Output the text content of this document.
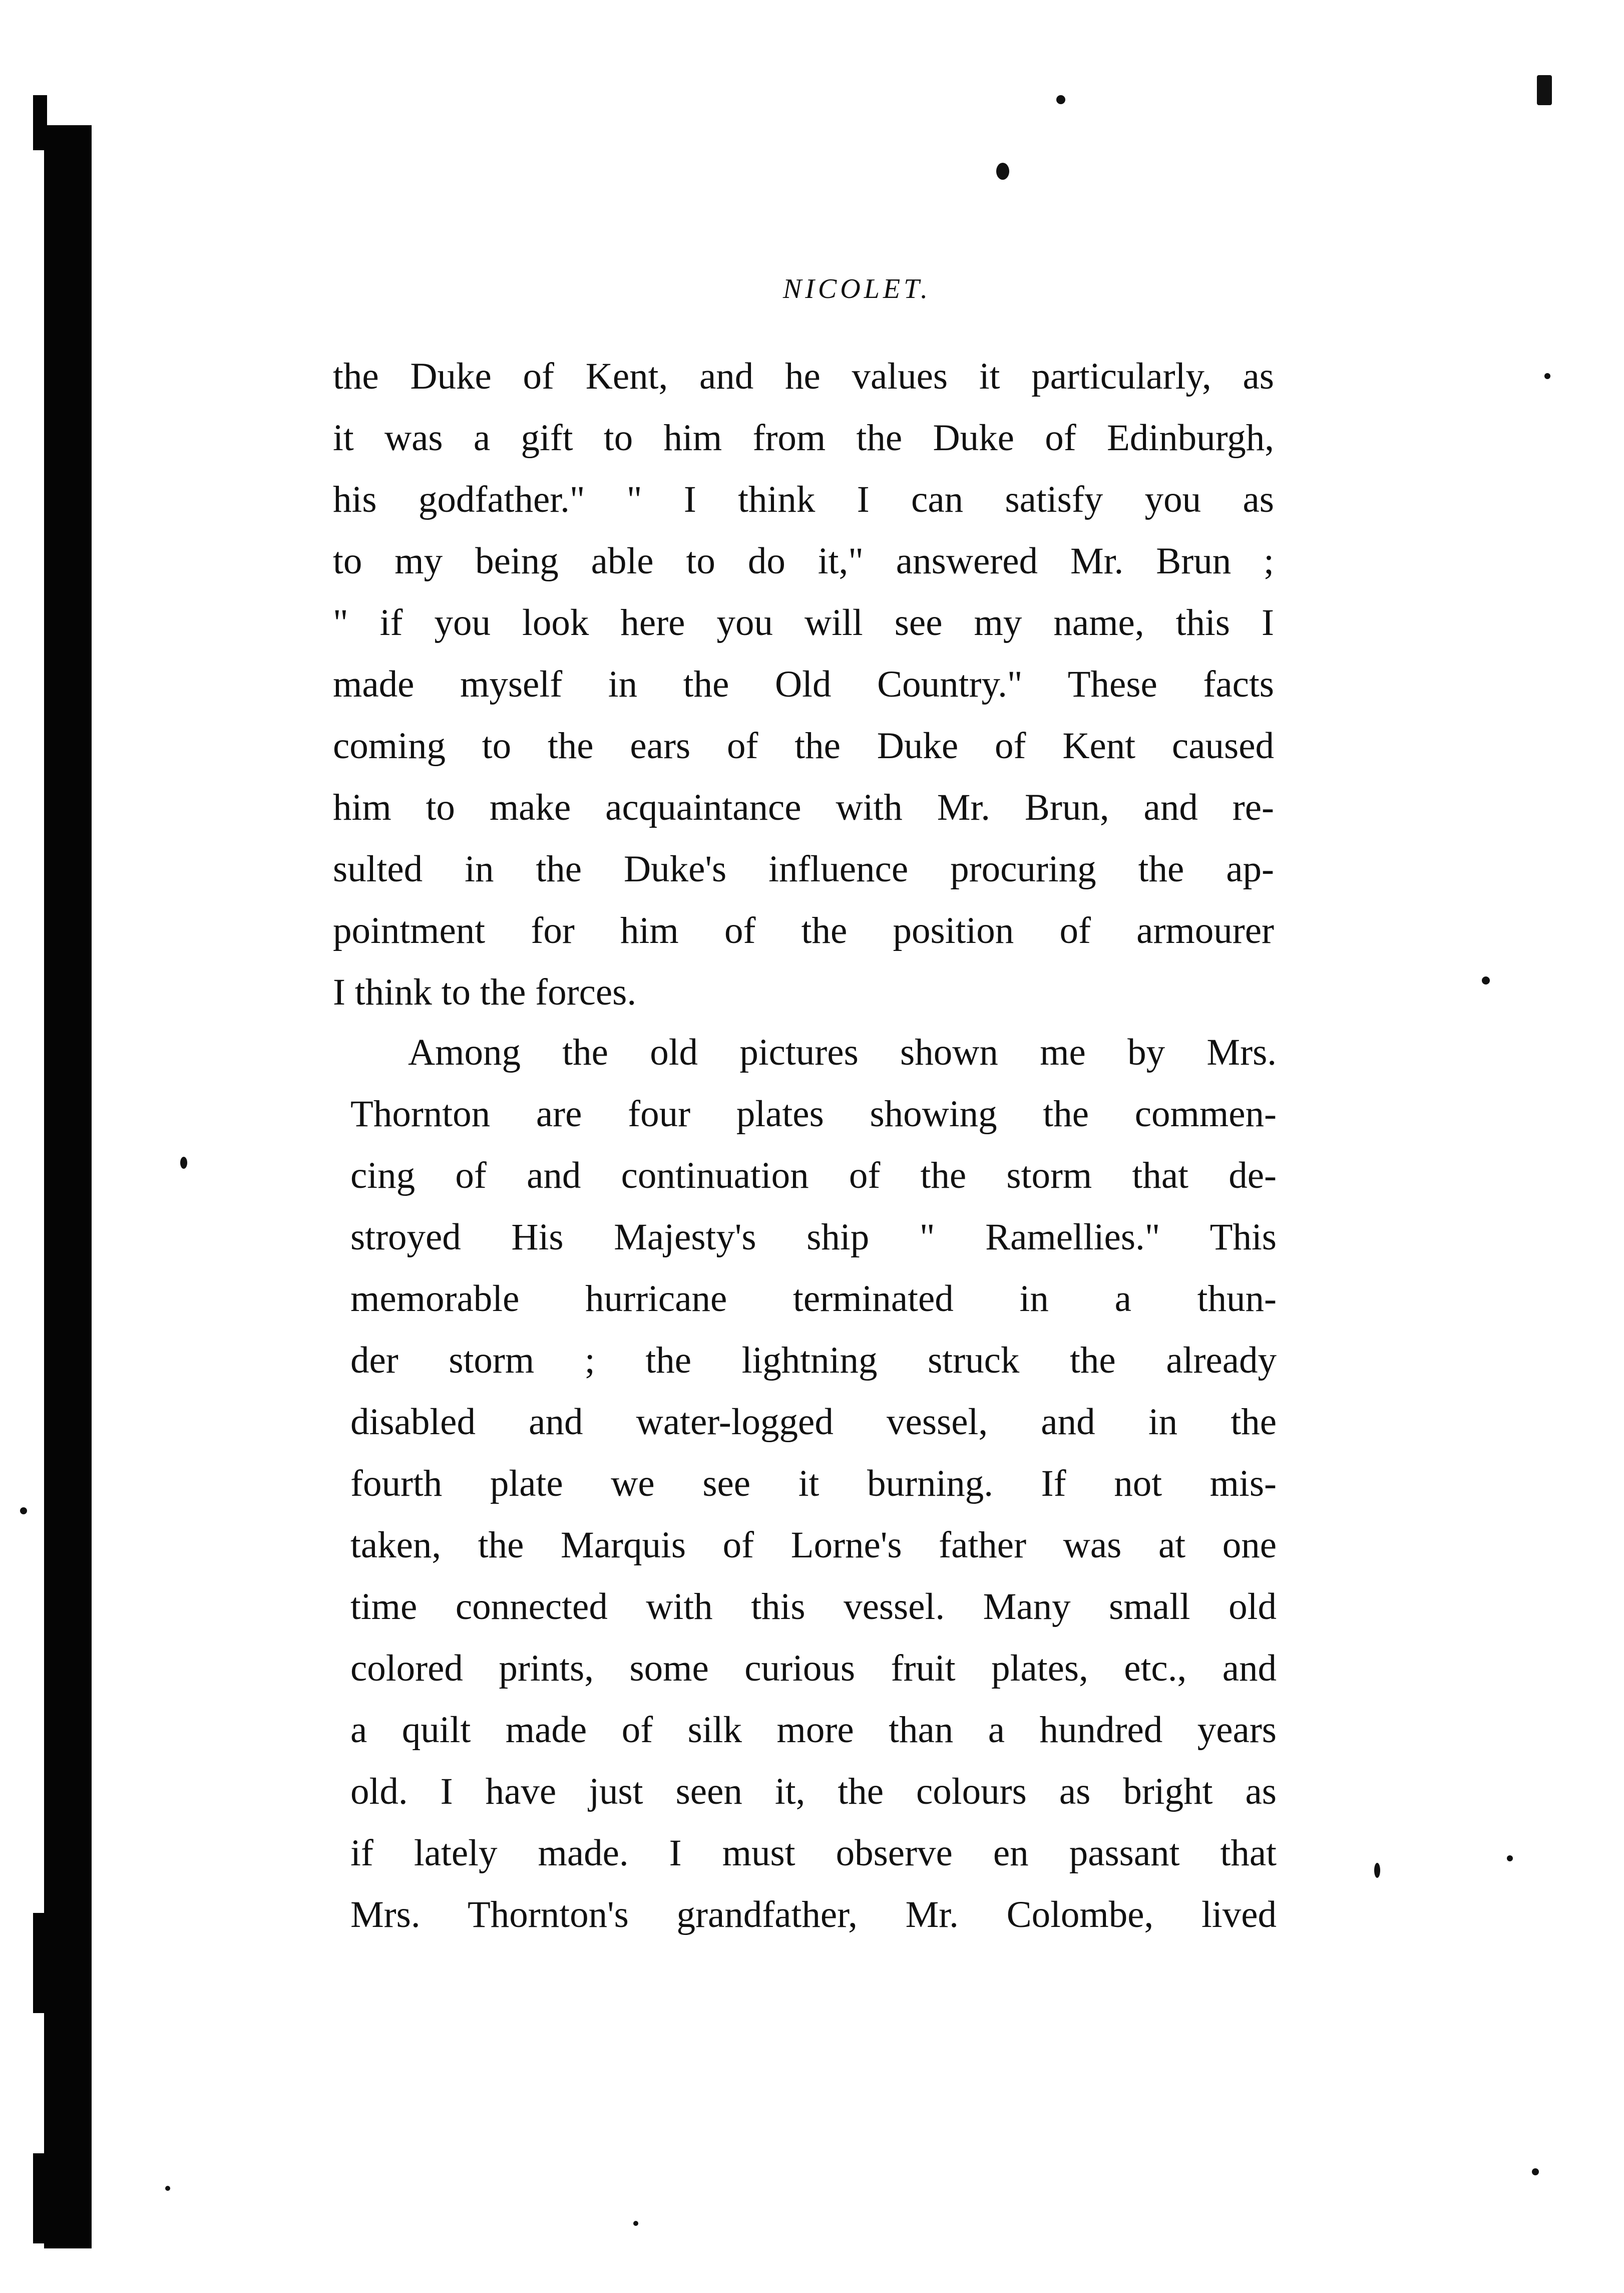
NICOLET.
the Duke of Kent, and he values it particularly, as
it was a gift to him from the Duke of Edinburgh,
his godfather." " I think I can satisfy you as
to my being able to do it," answered Mr. Brun ;
" if you look here you will see my name, this I
made myself in the Old Country." These facts
coming to the ears of the Duke of Kent caused
him to make acquaintance with Mr. Brun, and re-
sulted in the Duke's influence procuring the ap-
pointment for him of the position of armourer
I think to the forces.
Among the old pictures shown me by Mrs.
Thornton are four plates showing the commen-
cing of and continuation of the storm that de-
stroyed His Majesty's ship " Ramellies." This
memorable hurricane terminated in a thun-
der storm ; the lightning struck the already
disabled and water-logged vessel, and in the
fourth plate we see it burning. If not mis-
taken, the Marquis of Lorne's father was at one
time connected with this vessel. Many small old
colored prints, some curious fruit plates, etc., and
a quilt made of silk more than a hundred years
old. I have just seen it, the colours as bright as
if lately made. I must observe en passant that
Mrs. Thornton's grandfather, Mr. Colombe, lived
